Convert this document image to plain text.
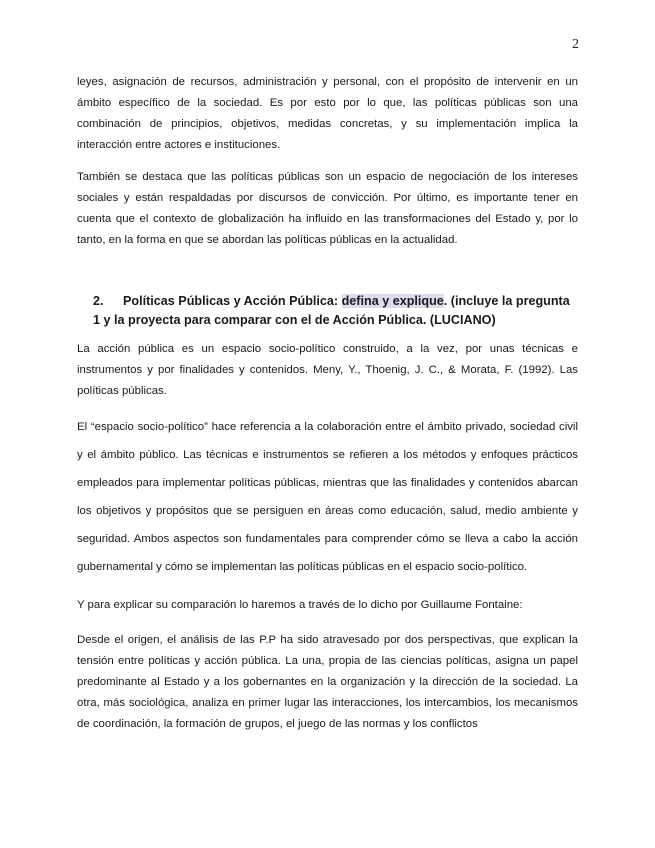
2

leyes, asignación de recursos, administración y personal, con el propósito de intervenir en un ámbito específico de la sociedad. Es por esto por lo que, las políticas públicas son una combinación de principios, objetivos, medidas concretas, y su implementación implica la interacción entre actores e instituciones.

También se destaca que las políticas públicas son un espacio de negociación de los intereses sociales y están respaldadas por discursos de convicción. Por último, es importante tener en cuenta que el contexto de globalización ha influido en las transformaciones del Estado y, por lo tanto, en la forma en que se abordan las políticas públicas en la actualidad.

2. Políticas Públicas y Acción Pública: defina y explique. (incluye la pregunta
1 y la proyecta para comparar con el de Acción Pública. (LUCIANO)

La acción pública es un espacio socio-político construido, a la vez, por unas técnicas e instrumentos y por finalidades y contenidos. Meny, Y., Thoenig, J. C., & Morata, F. (1992). Las políticas públicas.

El “espacio socio-político” hace referencia a la colaboración entre el ámbito privado, sociedad civil y el ámbito público. Las técnicas e instrumentos se refieren a los métodos y enfoques prácticos empleados para implementar políticas públicas, mientras que las finalidades y contenidos abarcan los objetivos y propósitos que se persiguen en áreas como educación, salud, medio ambiente y seguridad. Ambos aspectos son fundamentales para comprender cómo se lleva a cabo la acción gubernamental y cómo se implementan las políticas públicas en el espacio socio-político.

Y para explicar su comparación lo haremos a través de lo dicho por Guillaume Fontaine:

Desde el origen, el análisis de las P.P ha sido atravesado por dos perspectivas, que explican la tensión entre políticas y acción pública. La una, propia de las ciencias políticas, asigna un papel predominante al Estado y a los gobernantes en la organización y la dirección de la sociedad. La otra, más sociológica, analiza en primer lugar las interacciones, los intercambios, los mecanismos de coordinación, la formación de grupos, el juego de las normas y los conflictos
